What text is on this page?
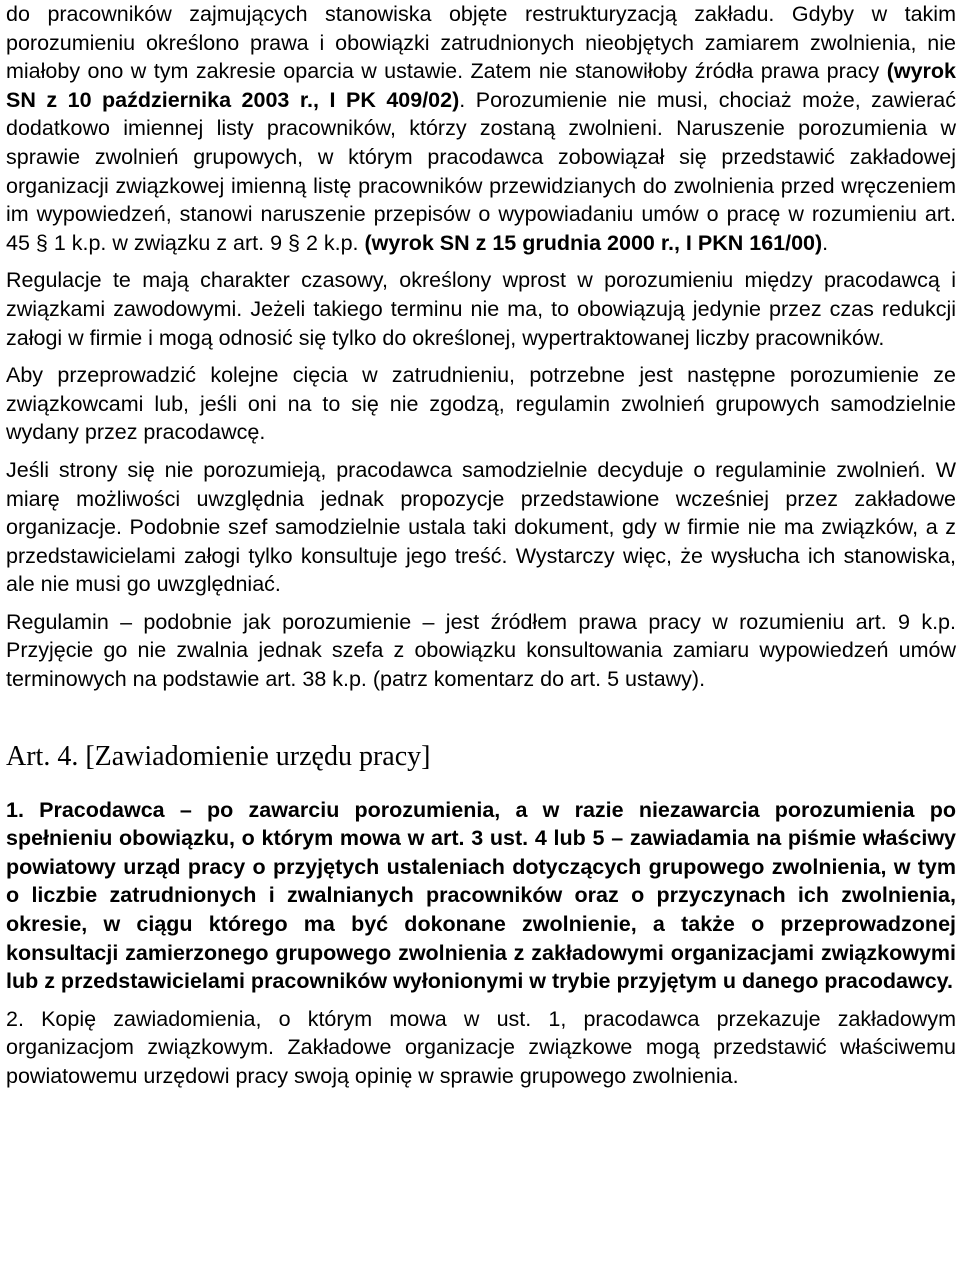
do pracowników zajmujących stanowiska objęte restrukturyzacją zakładu. Gdyby w takim porozumieniu określono prawa i obowiązki zatrudnionych nieobjętych zamiarem zwolnienia, nie miałoby ono w tym zakresie oparcia w ustawie. Zatem nie stanowiłoby źródła prawa pracy (wyrok SN z 10 października 2003 r., I PK 409/02). Porozumienie nie musi, chociaż może, zawierać dodatkowo imiennej listy pracowników, którzy zostaną zwolnieni. Naruszenie porozumienia w sprawie zwolnień grupowych, w którym pracodawca zobowiązał się przedstawić zakładowej organizacji związkowej imienną listę pracowników przewidzianych do zwolnienia przed wręczeniem im wypowiedzeń, stanowi naruszenie przepisów o wypowiadaniu umów o pracę w rozumieniu art. 45 § 1 k.p. w związku z art. 9 § 2 k.p. (wyrok SN z 15 grudnia 2000 r., I PKN 161/00).

Regulacje te mają charakter czasowy, określony wprost w porozumieniu między pracodawcą i związkami zawodowymi. Jeżeli takiego terminu nie ma, to obowiązują jedynie przez czas redukcji załogi w firmie i mogą odnosić się tylko do określonej, wypertraktowanej liczby pracowników.

Aby przeprowadzić kolejne cięcia w zatrudnieniu, potrzebne jest następne porozumienie ze związkowcami lub, jeśli oni na to się nie zgodzą, regulamin zwolnień grupowych samodzielnie wydany przez pracodawcę.

Jeśli strony się nie porozumieją, pracodawca samodzielnie decyduje o regulaminie zwolnień. W miarę możliwości uwzględnia jednak propozycje przedstawione wcześniej przez zakładowe organizacje. Podobnie szef samodzielnie ustala taki dokument, gdy w firmie nie ma związków, a z przedstawicielami załogi tylko konsultuje jego treść. Wystarczy więc, że wysłucha ich stanowiska, ale nie musi go uwzględniać.

Regulamin – podobnie jak porozumienie – jest źródłem prawa pracy w rozumieniu art. 9 k.p. Przyjęcie go nie zwalnia jednak szefa z obowiązku konsultowania zamiaru wypowiedzeń umów terminowych na podstawie art. 38 k.p. (patrz komentarz do art. 5 ustawy).

Art. 4. [Zawiadomienie urzędu pracy]

1. Pracodawca – po zawarciu porozumienia, a w razie niezawarcia porozumienia po spełnieniu obowiązku, o którym mowa w art. 3 ust. 4 lub 5 – zawiadamia na piśmie właściwy powiatowy urząd pracy o przyjętych ustaleniach dotyczących grupowego zwolnienia, w tym o liczbie zatrudnionych i zwalnianych pracowników oraz o przyczynach ich zwolnienia, okresie, w ciągu którego ma być dokonane zwolnienie, a także o przeprowadzonej konsultacji zamierzonego grupowego zwolnienia z zakładowymi organizacjami związkowymi lub z przedstawicielami pracowników wyłonionymi w trybie przyjętym u danego pracodawcy.

2. Kopię zawiadomienia, o którym mowa w ust. 1, pracodawca przekazuje zakładowym organizacjom związkowym. Zakładowe organizacje związkowe mogą przedstawić właściwemu powiatowemu urzędowi pracy swoją opinię w sprawie grupowego zwolnienia.
